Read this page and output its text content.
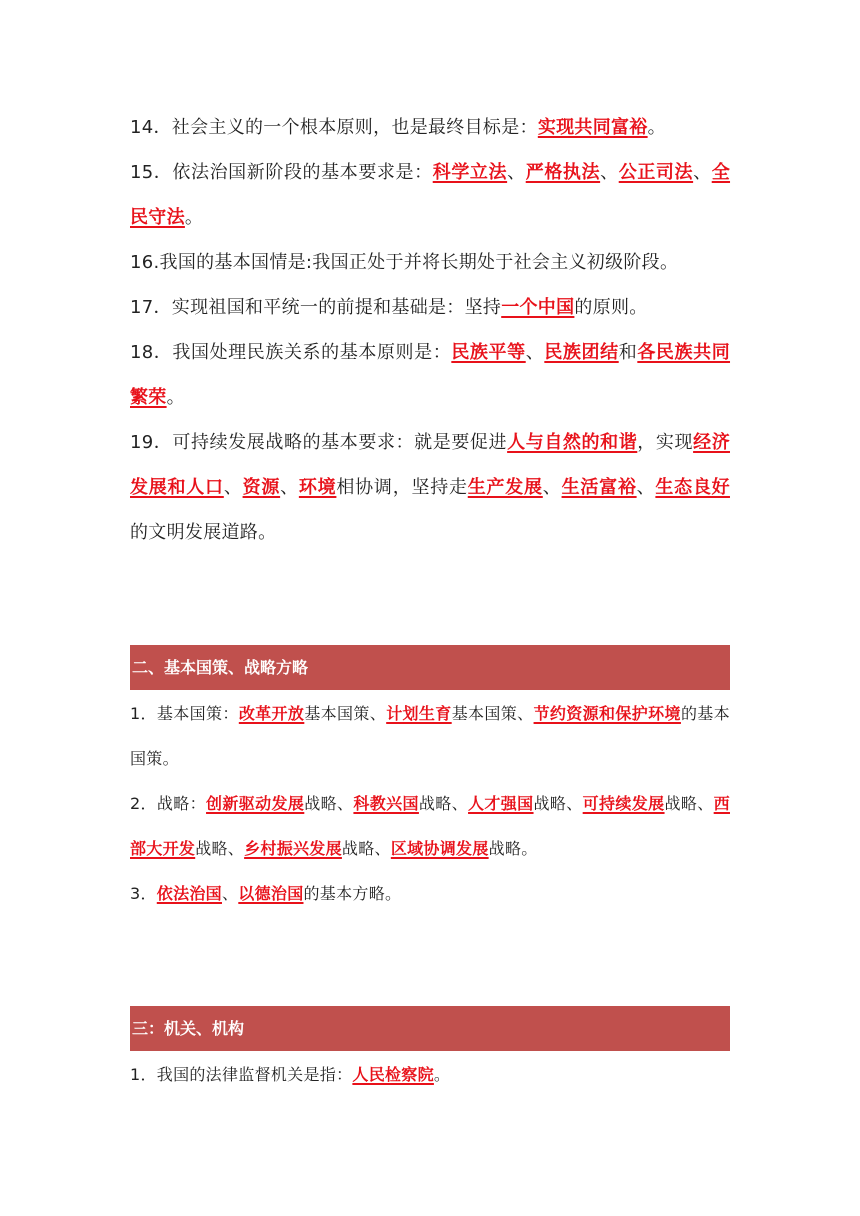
14．社会主义的一个根本原则，也是最终目标是：实现共同富裕。
15．依法治国新阶段的基本要求是：科学立法、严格执法、公正司法、全民守法。
16.我国的基本国情是:我国正处于并将长期处于社会主义初级阶段。
17．实现祖国和平统一的前提和基础是：坚持一个中国的原则。
18．我国处理民族关系的基本原则是：民族平等、民族团结和各民族共同繁荣。
19．可持续发展战略的基本要求：就是要促进人与自然的和谐，实现经济发展和人口、资源、环境相协调，坚持走生产发展、生活富裕、生态良好的文明发展道路。
二、基本国策、战略方略
1．基本国策：改革开放基本国策、计划生育基本国策、节约资源和保护环境的基本国策。
2．战略：创新驱动发展战略、科教兴国战略、人才强国战略、可持续发展战略、西部大开发战略、乡村振兴发展战略、区域协调发展战略。
3．依法治国、以德治国的基本方略。
三：机关、机构
1．我国的法律监督机关是指：人民检察院。
